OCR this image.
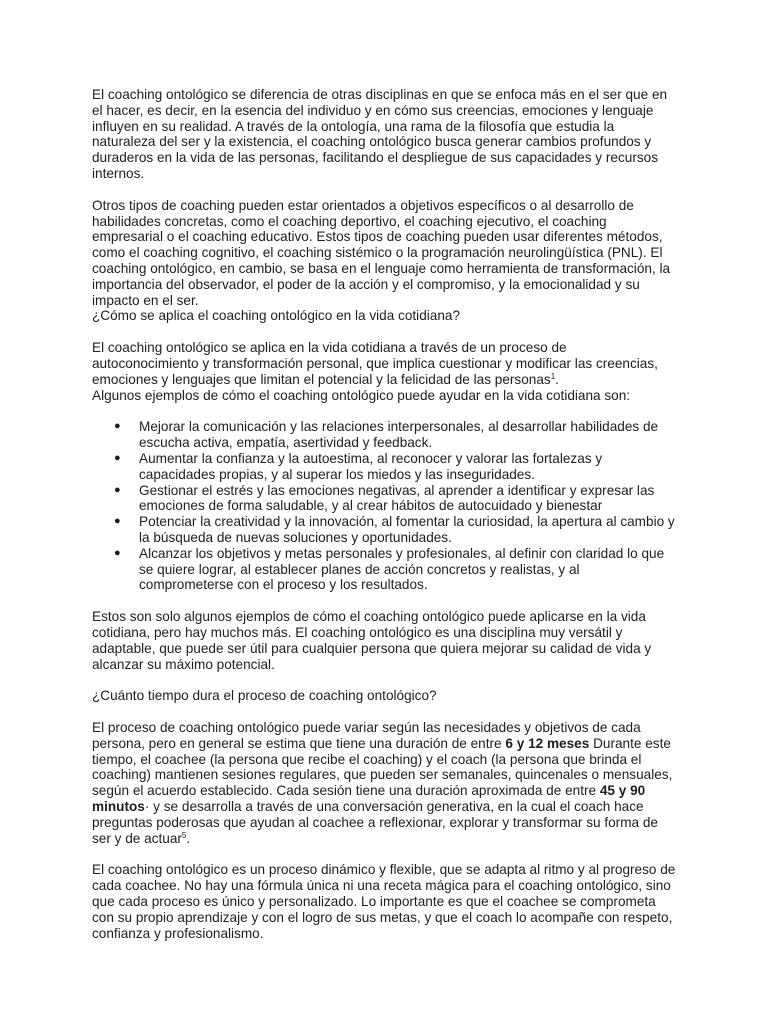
El coaching ontológico se diferencia de otras disciplinas en que se enfoca más en el ser que en el hacer, es decir, en la esencia del individuo y en cómo sus creencias, emociones y lenguaje influyen en su realidad. A través de la ontología, una rama de la filosofía que estudia la naturaleza del ser y la existencia, el coaching ontológico busca generar cambios profundos y duraderos en la vida de las personas, facilitando el despliegue de sus capacidades y recursos internos.

Otros tipos de coaching pueden estar orientados a objetivos específicos o al desarrollo de habilidades concretas, como el coaching deportivo, el coaching ejecutivo, el coaching empresarial o el coaching educativo. Estos tipos de coaching pueden usar diferentes métodos, como el coaching cognitivo, el coaching sistémico o la programación neurolingüística (PNL). El coaching ontológico, en cambio, se basa en el lenguaje como herramienta de transformación, la importancia del observador, el poder de la acción y el compromiso, y la emocionalidad y su impacto en el ser.

¿Cómo se aplica el coaching ontológico en la vida cotidiana?

El coaching ontológico se aplica en la vida cotidiana a través de un proceso de autoconocimiento y transformación personal, que implica cuestionar y modificar las creencias, emociones y lenguajes que limitan el potencial y la felicidad de las personas$^1$.

Algunos ejemplos de cómo el coaching ontológico puede ayudar en la vida cotidiana son:

● Mejorar la comunicación y las relaciones interpersonales, al desarrollar habilidades de escucha activa, empatía, asertividad y feedback.
● Aumentar la confianza y la autoestima, al reconocer y valorar las fortalezas y capacidades propias, y al superar los miedos y las inseguridades.
● Gestionar el estrés y las emociones negativas, al aprender a identificar y expresar las emociones de forma saludable, y al crear hábitos de autocuidado y bienestar
● Potenciar la creatividad y la innovación, al fomentar la curiosidad, la apertura al cambio y la búsqueda de nuevas soluciones y oportunidades.
● Alcanzar los objetivos y metas personales y profesionales, al definir con claridad lo que se quiere lograr, al establecer planes de acción concretos y realistas, y al comprometerse con el proceso y los resultados.

Estos son solo algunos ejemplos de cómo el coaching ontológico puede aplicarse en la vida cotidiana, pero hay muchos más. El coaching ontológico es una disciplina muy versátil y adaptable, que puede ser útil para cualquier persona que quiera mejorar su calidad de vida y alcanzar su máximo potencial.

¿Cuánto tiempo dura el proceso de coaching ontológico?

El proceso de coaching ontológico puede variar según las necesidades y objetivos de cada persona, pero en general se estima que tiene una duración de entre 6 y 12 meses Durante este tiempo, el coachee (la persona que recibe el coaching) y el coach (la persona que brinda el coaching) mantienen sesiones regulares, que pueden ser semanales, quincenales o mensuales, según el acuerdo establecido. Cada sesión tiene una duración aproximada de entre 45 y 90 minutos· y se desarrolla a través de una conversación generativa, en la cual el coach hace preguntas poderosas que ayudan al coachee a reflexionar, explorar y transformar su forma de ser y de actuar$^5$.

El coaching ontológico es un proceso dinámico y flexible, que se adapta al ritmo y al progreso de cada coachee. No hay una fórmula única ni una receta mágica para el coaching ontológico, sino que cada proceso es único y personalizado. Lo importante es que el coachee se comprometa con su propio aprendizaje y con el logro de sus metas, y que el coach lo acompañe con respeto, confianza y profesionalismo.
